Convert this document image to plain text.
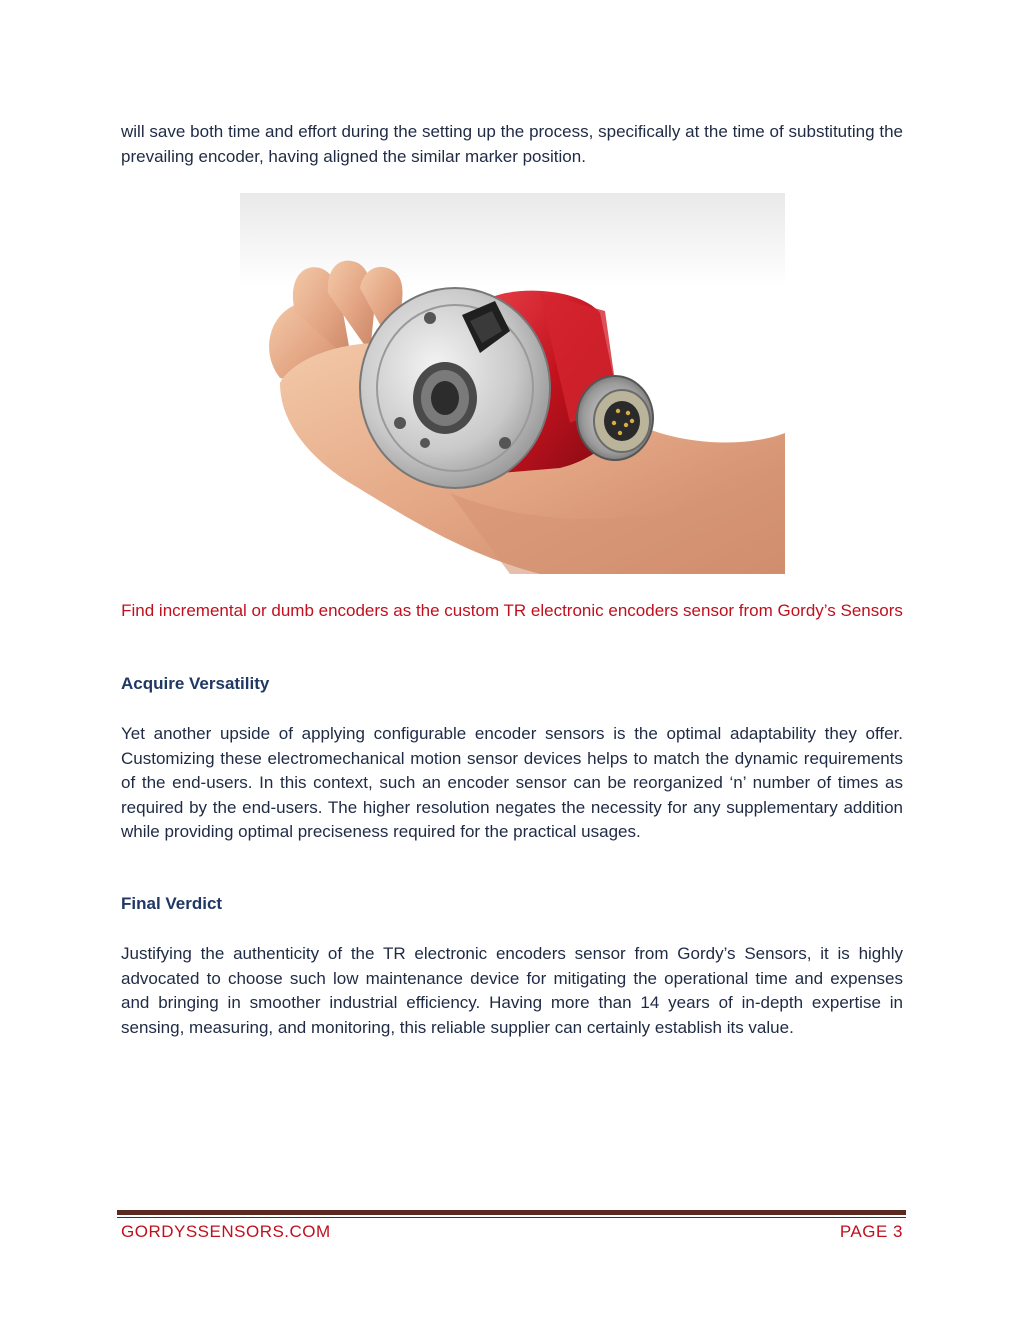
will save both time and effort during the setting up the process, specifically at the time of substituting the prevailing encoder, having aligned the similar marker position.

Find incremental or dumb encoders as the custom TR electronic encoders sensor from Gordy’s Sensors
Acquire Versatility

Yet another upside of applying configurable encoder sensors is the optimal adaptability they offer. Customizing these electromechanical motion sensor devices helps to match the dynamic requirements of the end-users. In this context, such an encoder sensor can be reorganized ‘n’ number of times as required by the end-users. The higher resolution negates the necessity for any supplementary addition while providing optimal preciseness required for the practical usages.

Final Verdict

Justifying the authenticity of the TR electronic encoders sensor from Gordy’s Sensors, it is highly advocated to choose such low maintenance device for mitigating the operational time and expenses and bringing in smoother industrial efficiency. Having more than 14 years of in-depth expertise in sensing, measuring, and monitoring, this reliable supplier can certainly establish its value.

GORDYSSENSORS.COM	PAGE 3
